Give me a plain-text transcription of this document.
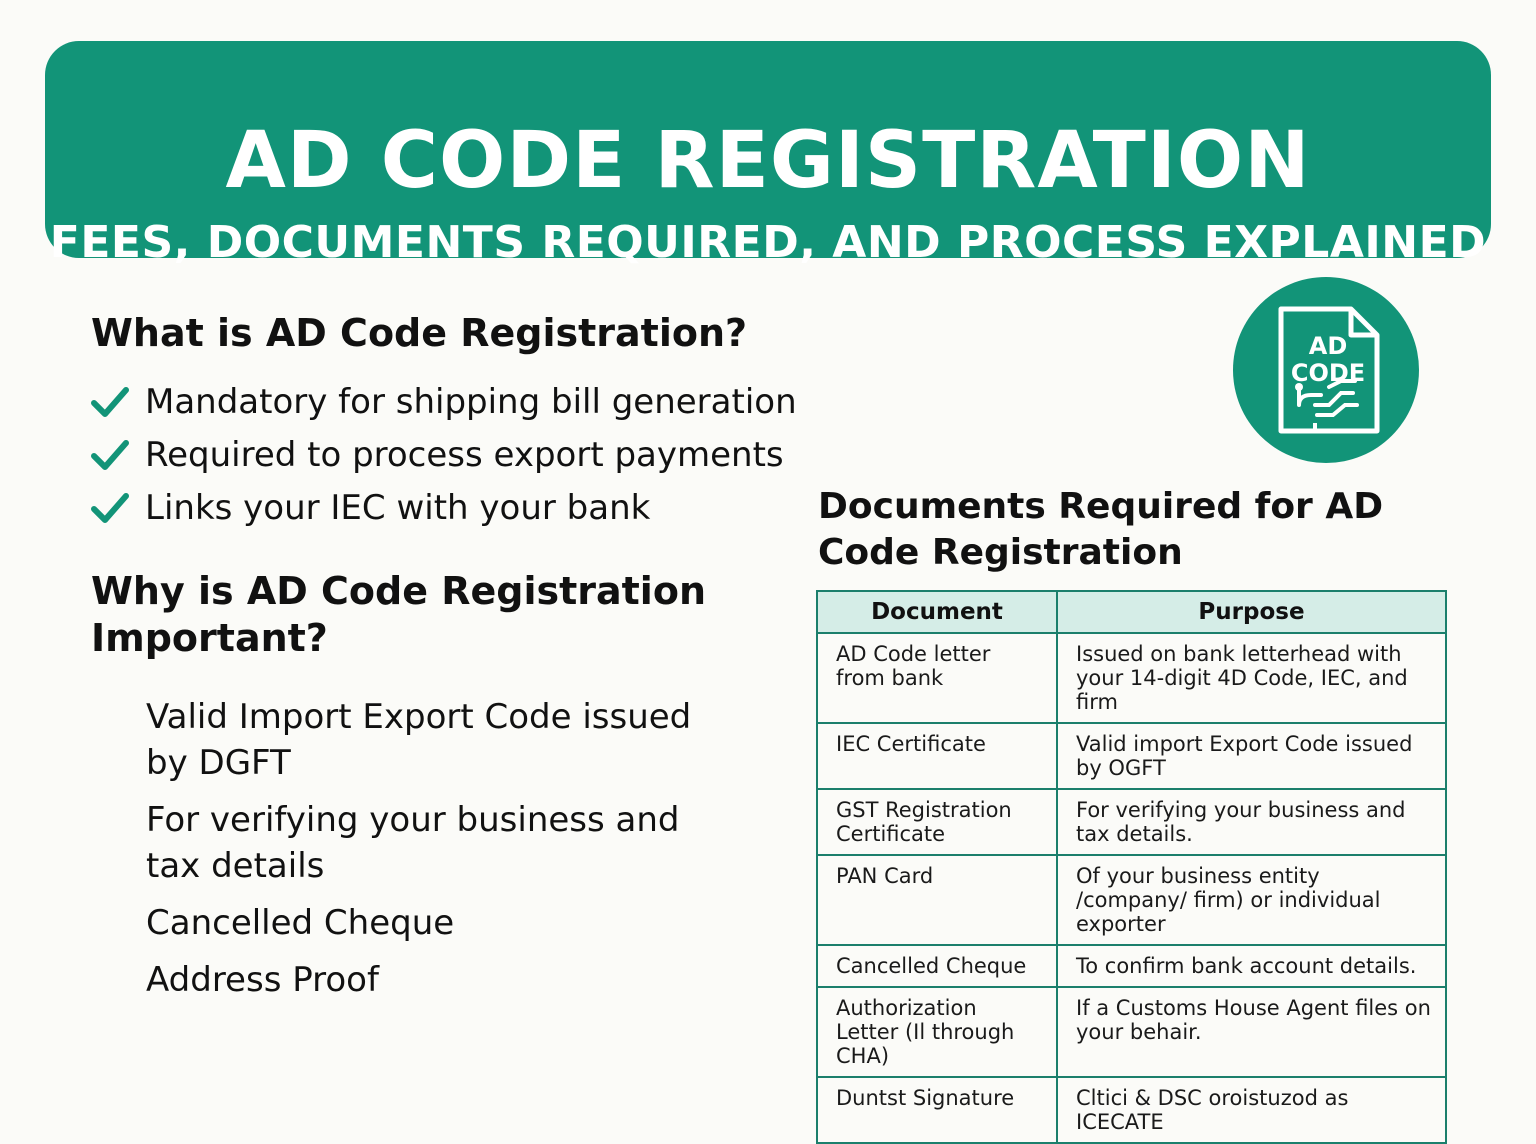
AD CODE REGISTRATION
FEES, DOCUMENTS REQUIRED, AND PROCESS EXPLAINED
What is AD Code Registration?
Mandatory for shipping bill generation
Required to process export payments
Links your IEC with your bank
Why is AD Code Registration Important?
Valid Import Export Code issued by DGFT
For verifying your business and tax details
Cancelled Cheque
Address Proof
AD
CODE
Documents Required for AD Code Registration
Document	Purpose
AD Code letter from bank	Issued on bank letterhead with your 14-digit 4D Code, IEC, and firm
IEC Certificate	Valid import Export Code issued by OGFT
GST Registration Certificate	For verifying your business and tax details.
PAN Card	Of your business entity /company/ firm) or individual exporter
Cancelled Cheque	To confirm bank account details.
Authorization Letter (Il through CHA)	If a Customs House Agent files on your behair.
Duntst Signature	Cltici & DSC oroistuzod as ICECATE
